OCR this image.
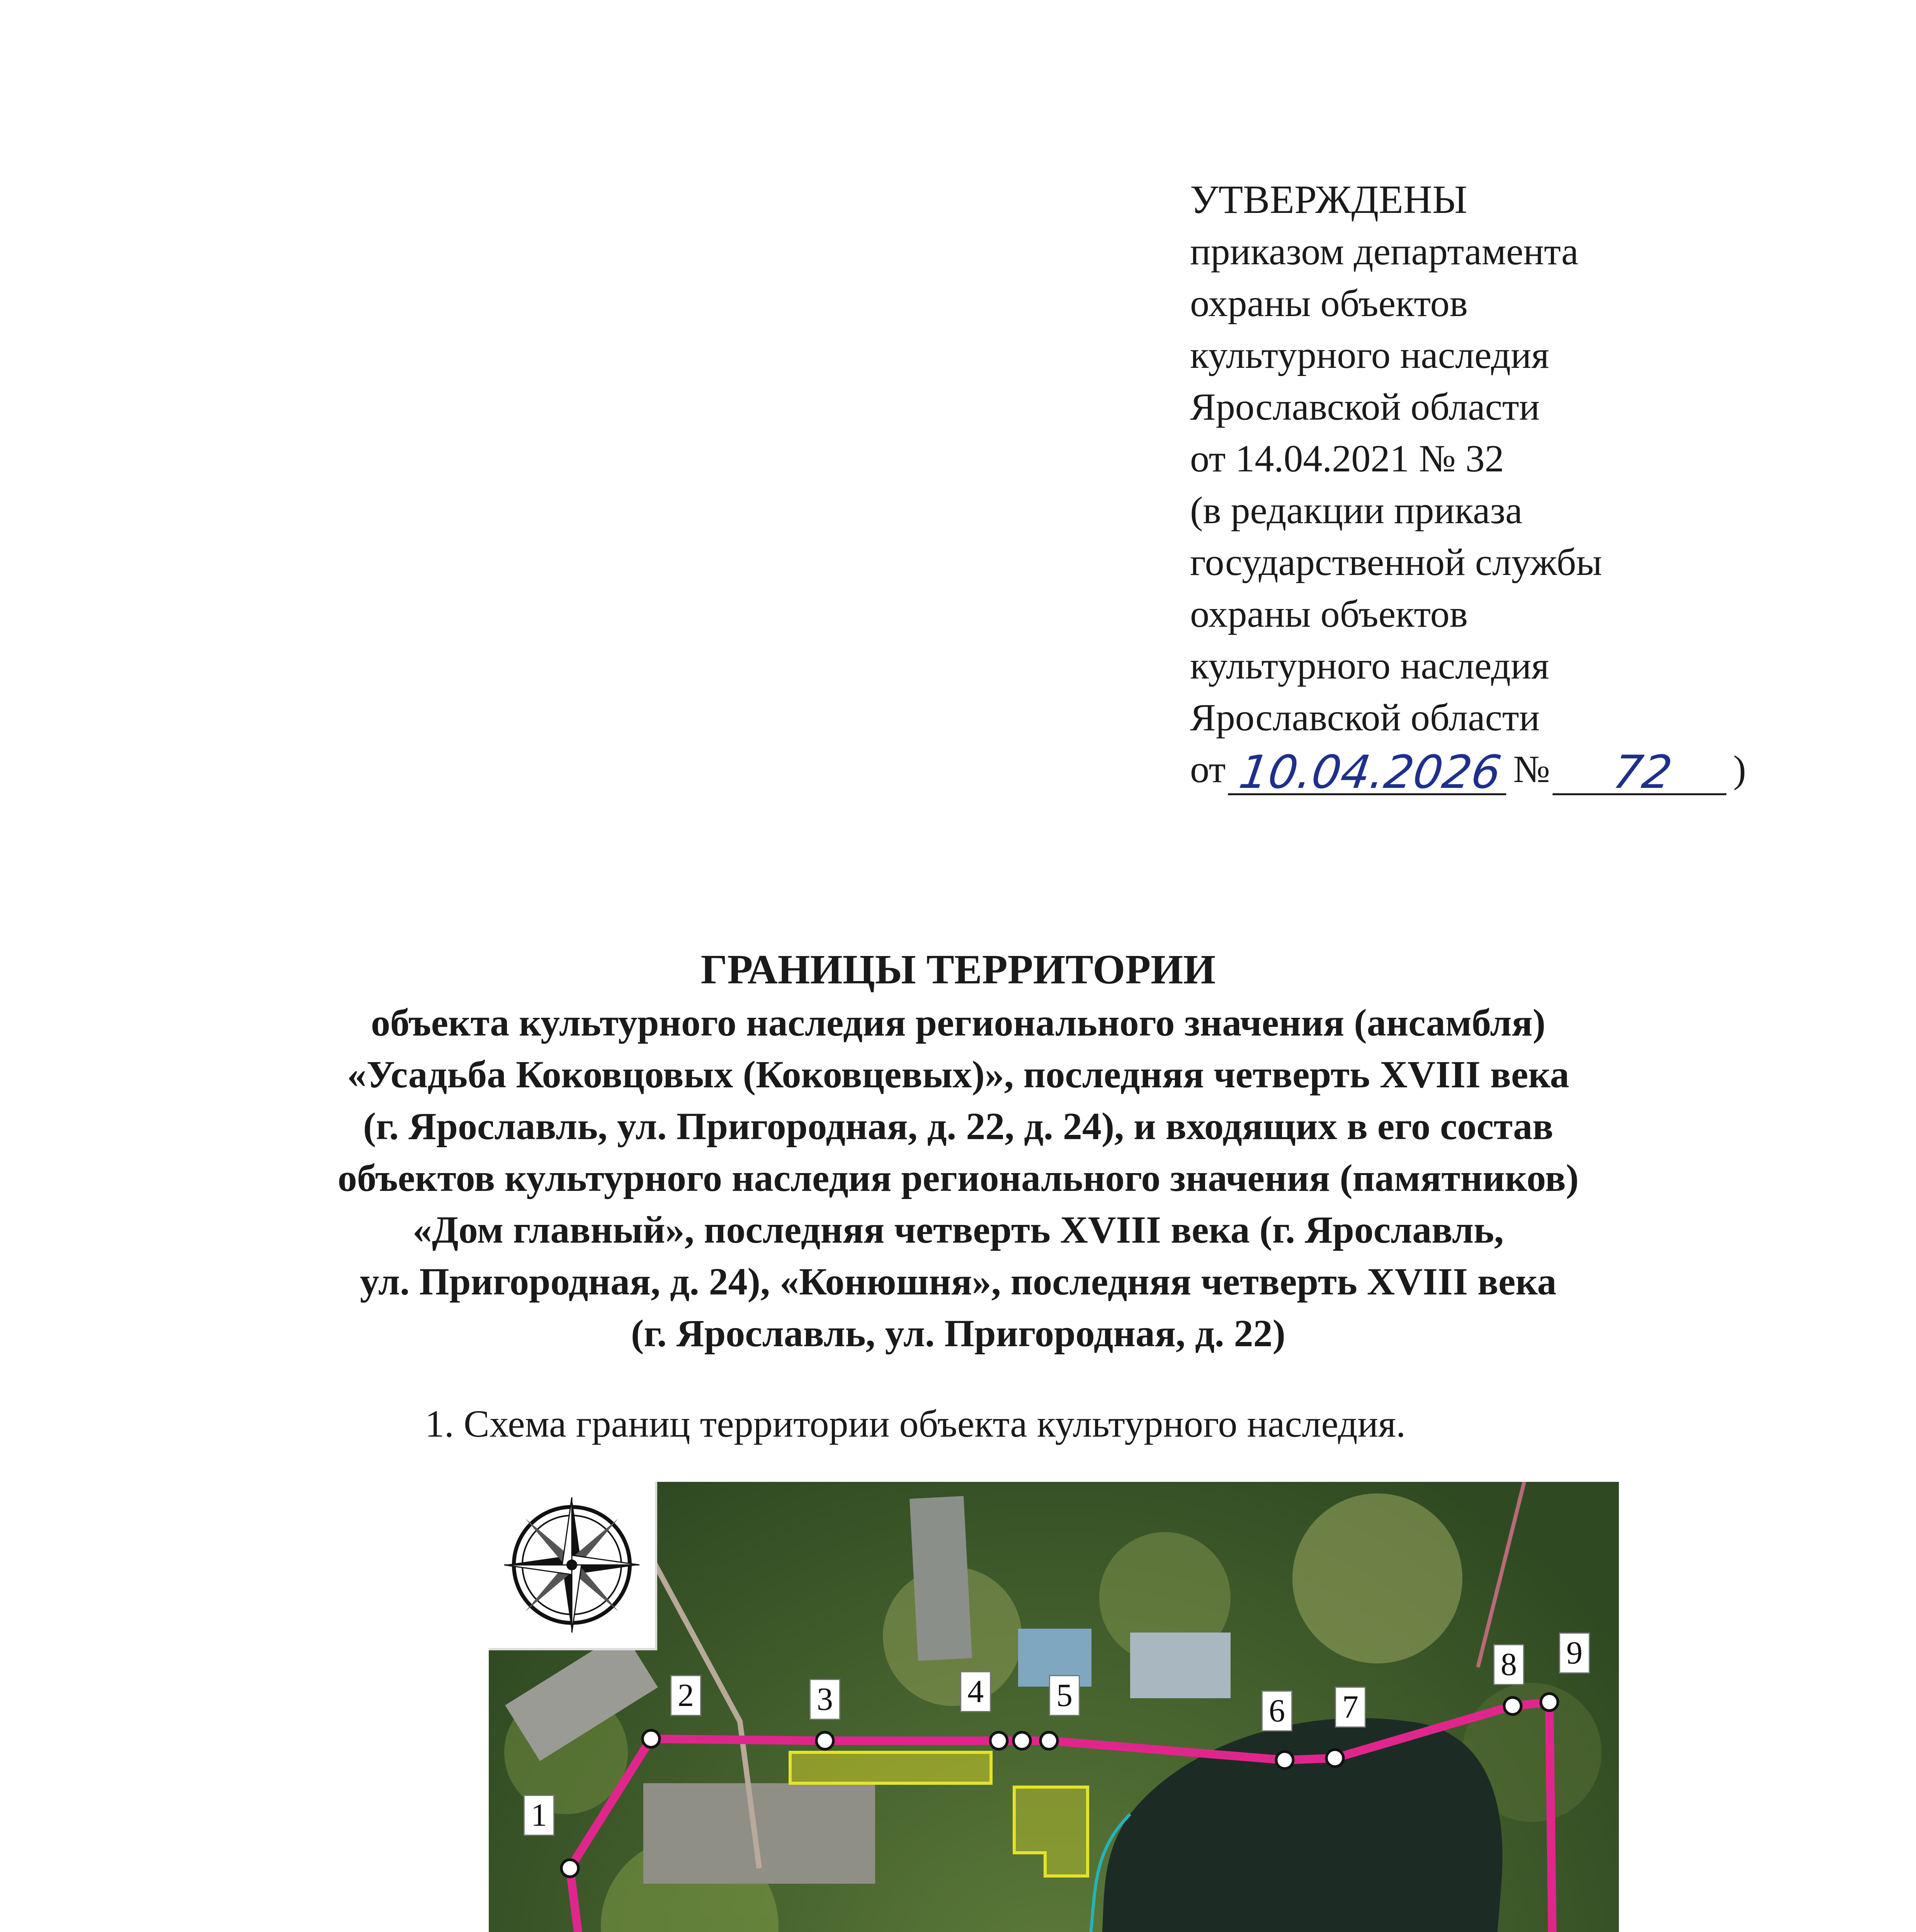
УТВЕРЖДЕНЫ
приказом департамента
охраны объектов
культурного наследия
Ярославской области
от 14.04.2021 № 32
(в редакции приказа
государственной службы
охраны объектов
культурного наследия
Ярославской области
от 10.04.2026 №	72	)
ГРАНИЦЫ ТЕРРИТОРИИ
объекта культурного наследия регионального значения (ансамбля)
«Усадьба Коковцовых (Коковцевых)», последняя четверть XVIII века
(г. Ярославль, ул. Пригородная, д. 22, д. 24), и входящих в его состав
объектов культурного наследия регионального значения (памятников)
«Дом главный», последняя четверть XVIII века (г. Ярославль,
ул. Пригородная, д. 24), «Конюшня», последняя четверть XVIII века
(г. Ярославль, ул. Пригородная, д. 22)
1. Схема границ территории объекта культурного наследия.
1
2	3	4 5	6 7
8 9
